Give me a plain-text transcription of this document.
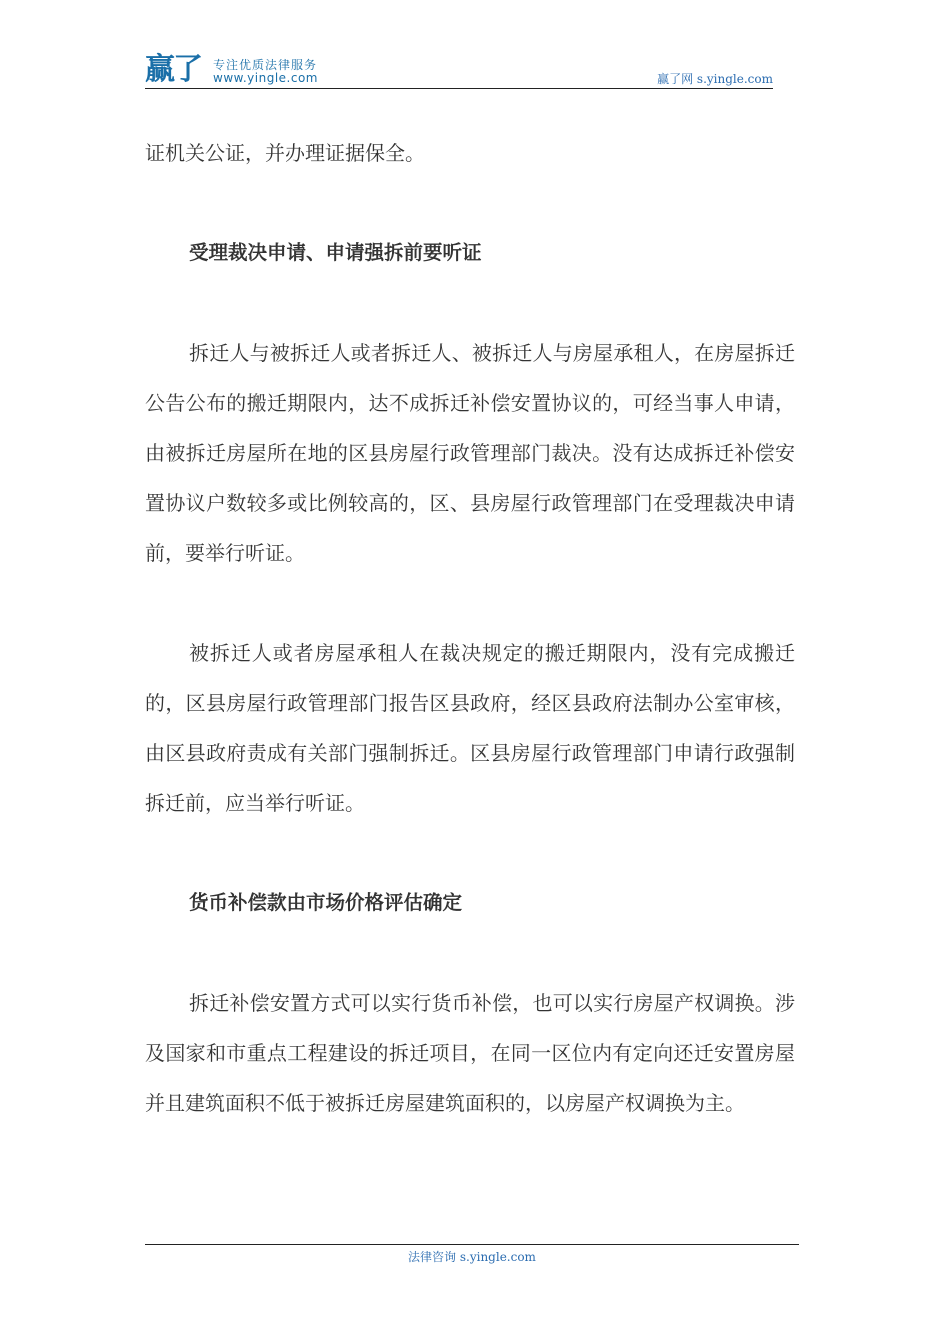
赢了 专注优质法律服务
www.yingle.com	赢了网 s.yingle.com

证机关公证，并办理证据保全。

受理裁决申请、申请强拆前要听证

拆迁人与被拆迁人或者拆迁人、被拆迁人与房屋承租人，在房屋拆迁公告公布的搬迁期限内，达不成拆迁补偿安置协议的，可经当事人申请，由被拆迁房屋所在地的区县房屋行政管理部门裁决。没有达成拆迁补偿安置协议户数较多或比例较高的，区、县房屋行政管理部门在受理裁决申请前，要举行听证。

被拆迁人或者房屋承租人在裁决规定的搬迁期限内，没有完成搬迁的，区县房屋行政管理部门报告区县政府，经区县政府法制办公室审核，由区县政府责成有关部门强制拆迁。区县房屋行政管理部门申请行政强制拆迁前，应当举行听证。

货币补偿款由市场价格评估确定

拆迁补偿安置方式可以实行货币补偿，也可以实行房屋产权调换。涉及国家和市重点工程建设的拆迁项目，在同一区位内有定向还迁安置房屋并且建筑面积不低于被拆迁房屋建筑面积的，以房屋产权调换为主。

法律咨询 s.yingle.com
